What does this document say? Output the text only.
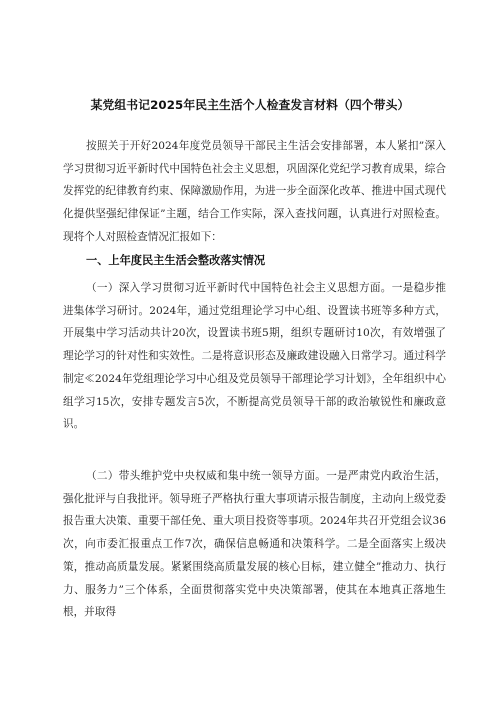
某党组书记2025年民主生活个人检查发言材料（四个带头）

按照关于开好2024年度党员领导干部民主生活会安排部署，本人紧扣”深入学习贯彻习近平新时代中国特色社会主义思想，巩固深化党纪学习教育成果，综合发挥党的纪律教育约束、保障激励作用，为进一步全面深化改革、推进中国式现代化提供坚强纪律保证”主题，结合工作实际，深入查找问题，认真进行对照检查。现将个人对照检查情况汇报如下：

一、上年度民主生活会整改落实情况

（一）深入学习贯彻习近平新时代中国特色社会主义思想方面。一是稳步推进集体学习研讨。2024年，通过党组理论学习中心组、设置读书班等多种方式，开展集中学习活动共计20次，设置读书班5期，组织专题研讨10次，有效增强了理论学习的针对性和实效性。二是将意识形态及廉政建设融入日常学习。通过科学制定≪2024年党组理论学习中心组及党员领导干部理论学习计划》，全年组织中心组学习15次，安排专题发言5次，不断提高党员领导干部的政治敏锐性和廉政意识。

（二）带头维护党中央权威和集中统一领导方面。一是严肃党内政治生活，强化批评与自我批评。领导班子严格执行重大事项请示报告制度，主动向上级党委报告重大决策、重要干部任免、重大项目投资等事项。2024年共召开党组会议36次，向市委汇报重点工作7次，确保信息畅通和决策科学。二是全面落实上级决策，推动高质量发展。紧紧围绕高质量发展的核心目标，建立健全”推动力、执行力、服务力”三个体系，全面贯彻落实党中央决策部署，使其在本地真正落地生根，并取得
